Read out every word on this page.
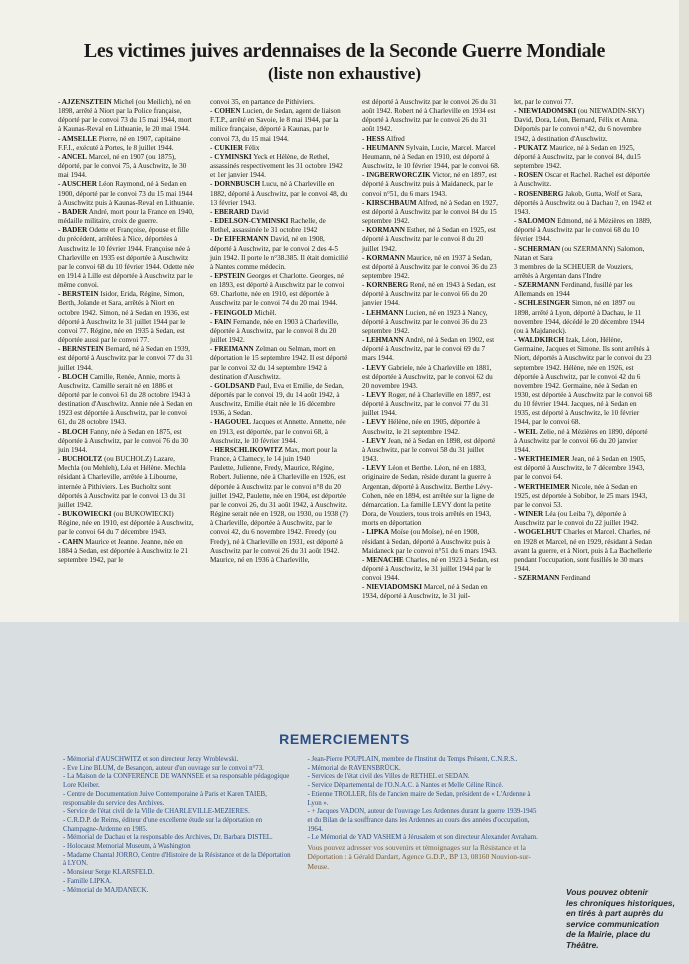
Les victimes juives ardennaises de la Seconde Guerre Mondiale
(liste non exhaustive)

- AJZENSZTEIN Michel (ou Meilich), né en 1898, arrêté à Niort par la Police française, déporté par le convoi 73 du 15 mai 1944, mort à Kaunas-Reval en Lithuanie, le 20 mai 1944.

- AMSELLE Pierre, né en 1907, capitaine F.F.I., exécuté à Portes, le 8 juillet 1944.

- ANCEL Marcel, né en 1907 (ou 1875), déporté, par le convoi 75, à Auschwitz, le 30 mai 1944.

- AUSCHER Léon Raymond, né à Sedan en 1900, déporté par le convoi 73 du 15 mai 1944 à Auschwitz puis à Kaunas-Reval en Lithuanie.

- BADER André, mort pour la France en 1940, médaille militaire, croix de guerre.

- BADER Odette et Françoise, épouse et fille du précédent, arrêtées à Nice, déportées à Auschwitz le 10 février 1944. Françoise née à Charleville en 1935 est déportée à Auschwitz par le convoi 68 du 10 février 1944. Odette née en 1914 à Lille est déportée à Auschwitz par le même convoi.

- BERSTEIN Isidor, Erida, Régine, Simon, Berth, Jolande et Sara, arrêtés à Niort en octobre 1942. Simon, né à Sedan en 1936, est déporté à Auschwitz le 31 juillet 1944 par le convoi 77. Régine, née en 1935 à Sedan, est déportée aussi par le convoi 77.

- BERNSTEIN Bernard, né à Sedan en 1939, est déporté à Auschwitz par le convoi 77 du 31 juillet 1944.

- BLOCH Camille, Renée, Annie, morts à Auschwitz. Camille serait né en 1886 et déporté par le convoi 61 du 28 octobre 1943 à destination d'Auschwitz. Annie née à Sedan en 1923 est déportée à Auschwitz, par le convoi 61, du 28 octobre 1943.

- BLOCH Fanny, née à Sedan en 1875, est déportée à Auschwitz, par le convoi 76 du 30 juin 1944.

- BUCHOLTZ (ou BUCHOLZ) Lazare, Mechla (ou Mehleh), Léa et Hélène. Mechla résidant à Charleville, arrêtée à Libourne, internée à Pithiviers. Les Bucholtz sont déportés à Auschwitz par le convoi 13 du 31 juillet 1942.

- BUKOWIECKI (ou BUKOWIECKI) Régine, née en 1910, est déportée à Auschwitz, par le convoi 64 du 7 décembre 1943.

- CAHN Maurice et Jeanne. Jeanne, née en 1884 à Sedan, est déportée à Auschwitz le 21 septembre 1942, par le

convoi 35, en partance de Pithiviers.

- COHEN Lucien, de Sedan, agent de liaison F.T.P., arrêté en Savoie, le 8 mai 1944, par la milice française, déporté à Kaunas, par le convoi 73, du 15 mai 1944.

- CUKIER Félix

- CYMINSKI Yeck et Hélène, de Rethel, assassinés respectivement les 31 octobre 1942 et 1er janvier 1944.

- DORNBUSCH Lucu, né à Charleville en 1882, déporté à Auschwitz, par le convoi 48, du 13 février 1943.

- EBERARD David

- EDELSON-CYMINSKI Rachelle, de Rethel, assassinée le 31 octobre 1942

- Dr EIFERMANN David, né en 1908, déporté à Auschwitz, par le convoi 2 des 4-5 juin 1942. Il porte le n°38.385. Il était domicilié à Nantes comme médecin.

- EPSTEIN Georges et Charlotte. Georges, né en 1893, est déporté à Auschwitz par le convoi 69. Charlotte, née en 1910, est déportée à Auschwitz par le convoi 74 du 20 mai 1944.

- FEINGOLD Michël.

- FAIN Fernande, née en 1903 à Charleville, déportée à Auschwitz, par le convoi 8 du 20 juillet 1942.

- FREIMANN Zelman ou Selman, mort en déportation le 15 septembre 1942. Il est déporté par le convoi 32 du 14 septembre 1942 à destination d'Auschwitz.

- GOLDSAND Paul, Eva et Emilie, de Sedan, déportés par le convoi 19, du 14 août 1942, à Auschwitz, Emilie était née le 16 décembre 1936, à Sedan.

- HAGOUEL Jacques et Annette. Annette, née en 1913, est déportée, par le convoi 68, à Auschwitz, le 10 février 1944.

- HERSCHLIKOWITZ Max, mort pour la France, à Clamecy, le 14 juin 1940

Paulette, Julienne, Fredy, Maurice, Régine, Robert. Julienne, née à Charleville en 1926, est déportée à Auschwitz par le convoi n°8 du 20 juillet 1942, Paulette, née en 1904, est déportée par le convoi 26, du 31 août 1942, à Auschwitz. Régine serait née en 1928, ou 1930, ou 1938 (?) à Charleville, déportée à Auschwitz, par le convoi 42, du 6 novembre 1942. Freedy (ou Fredy), né à Charleville en 1931, est déporté à Auschwitz par le convoi 26 du 31 août 1942. Maurice, né en 1936 à Charleville,

est déporté à Auschwitz par le convoi 26 du 31 août 1942. Robert né à Charleville en 1934 est déporté à Auschwitz par le convoi 26 du 31 août 1942.

- HESS Alfred

- HEUMANN Sylvain, Lucie, Marcel. Marcel Heumann, né à Sedan en 1910, est déporté à Auschwitz, le 10 février 1944, par le convoi 68.

- INGBERWORCZIK Victor, né en 1897, est déporté à Auschwitz puis à Maidaneck, par le convoi n°51, du 6 mars 1943.

- KIRSCHBAUM Alfred, né à Sedan en 1927, est déporté à Auschwitz par le convoi 84 du 15 septembre 1942.

- KORMANN Esther, né à Sedan en 1925, est déporté à Auschwitz par le convoi 8 du 20 juillet 1942.

- KORMANN Maurice, né en 1937 à Sedan, est déporté à Auschwitz par le convoi 36 du 23 septembre 1942.

- KORNBERG René, né en 1943 à Sedan, est déporté à Auschwitz par le convoi 66 du 20 janvier 1944.

- LEHMANN Lucien, né en 1923 à Nancy, déporté à Auschwitz par le convoi 36 du 23 septembre 1942.

- LEHMANN André, né à Sedan en 1902, est déporté à Auschwitz, par le convoi 69 du 7 mars 1944.

- LEVY Gabriele, née à Charleville en 1881, est déportée à Auschwitz, par le convoi 62 du 20 novembre 1943.

- LEVY Roger, né à Charleville en 1897, est déporté à Auschwitz, par le convoi 77 du 31 juillet 1944.

- LEVY Hélène, née en 1905, déportée à Auschwitz, le 21 septembre 1942.

- LEVY Jean, né à Sedan en 1898, est déporté à Auschwitz, par le convoi 58 du 31 juillet 1943.

- LEVY Léon et Berthe. Léon, né en 1883, originaire de Sedan, réside durant la guerre à Argentan, déporté à Auschwitz. Berthe Lévy-Cohen, née en 1894, est arrêtée sur la ligne de démarcation. La famille LEVY dont la petite Dora, de Vouziers, tous trois arrêtés en 1943, morts en déportation

- LIPKA Moïse (ou Moïse), né en 1908, résidant à Sedan, déporté à Auschwitz puis à Maidaneck par le convoi n°51 du 6 mars 1943.

- MENACHE Charles, né en 1923 à Sedan, est déporté à Auschwitz, le 31 juillet 1944 par le convoi 1944.

- NIEVIADOMSKI Marcel, né à Sedan en 1934, déporté à Auschwitz, le 31 juil-

let, par le convoi 77.

- NIEWIADOMSKI (ou NIEWADIN-SKY) David, Dora, Léon, Bernard, Félix et Anna. Déportés par le convoi n°42, du 6 novembre 1942, à destination d'Auschwitz.

- PUKATZ Maurice, né à Sedan en 1925, déporté à Auschwitz, par le convoi 84, du15 septembre 1942.

- ROSEN Oscar et Rachel. Rachel est déportée à Auschwitz.

- ROSENBERG Jakob, Gutta, Wolf et Sara, déportés à Auschwitz ou à Dachau ?, en 1942 et 1943.

- SALOMON Edmond, né à Mézières en 1889, déporté à Auschwitz par le convoi 68 du 10 février 1944.

- SCHERMAN (ou SZERMANN) Salomon, Natan et Sara

3 membres de la SCHEUER de Vouziers, arrêtés à Argentan dans l'Indre

- SZERMANN Ferdinand, fusillé par les Allemands en 1944

- SCHLESINGER Simon, né en 1897 ou 1898, arrêté à Lyon, déporté à Dachau, le 11 novembre 1944, décédé le 20 décembre 1944 (ou à Majdaneck).

- WALDKIRCH Izak, Léon, Hélène, Germaine, Jacques et Simone. Ils sont arrêtés à Niort, déportés à Auschwitz par le convoi du 23 septembre 1942. Hélène, née en 1926, est déportée à Auschwitz, par le convoi 42 du 6 novembre 1942. Germaine, née à Sedan en 1930, est déportée à Auschwitz par le convoi 68 du 10 février 1944. Jacques, né à Sedan en 1935, est déporté à Auschwitz, le 10 février 1944, par le convoi 68.

- WEIL Zelie, né à Mézières en 1890, déporté à Auschwitz par le convoi 66 du 20 janvier 1944.

- WERTHEIMER Jean, né à Sedan en 1905, est déporté à Auschwitz, le 7 décembre 1943, par le convoi 64.

- WERTHEIMER Nicole, née à Sedan en 1925, est déportée à Sobibor, le 25 mars 1943, par le convoi 53.

- WINER Léa (ou Leiba ?), déportée à Auschwitz par le convoi du 22 juillet 1942.

- WOGELHUT Charles et Marcel. Charles, né en 1928 et Marcel, né en 1929, résidant à Sedan avant la guerre, et à Niort, puis à La Bachellerie pendant l'occupation, sont fusillés le 30 mars 1944.

- SZERMANN Ferdinand

REMERCIEMENTS

- Mémorial d'AUSCHWITZ et son directeur Jerzy Wroblewski.

- Eve Line BLUM, de Besançon, auteur d'un ouvrage sur le convoi n°73.

- La Maison de la CONFERENCE DE WANNSEE et sa responsable pédagogique Lore Kleiber.

- Centre de Documentation Juive Contemporaine à Paris et Karen TAIEB, responsable du service des Archives.

- Service de l'état civil de la Ville de CHARLEVILLE-MEZIERES.

- C.R.D.P. de Reims, éditeur d'une excellente étude sur la déportation en Champagne-Ardenne en 1985.

- Mémorial de Dachau et la responsable des Archives, Dr. Barbara DISTEL.

- Holocaust Memorial Museum, à Washington

- Madame Chantal JORRO, Centre d'Histoire de la Résistance et de la Déportation à LYON.

- Monsieur Serge KLARSFELD.

- Famille LIPKA.

- Mémorial de MAJDANECK.

- Jean-Pierre POUPLAIN, membre de l'Institut du Temps Présent, C.N.R.S..

- Mémorial de RAVENSBRÜCK.

- Services de l'état civil des Villes de RETHEL et SEDAN.

- Service Départemental de l'O.N.A.C. à Nantes et Melle Céline Rincé.

- Etienne TROLLER, fils de l'ancien maire de Sedan, président de « L'Ardenne à Lyon ».

- + Jacques VADON, auteur de l'ouvrage Les Ardennes durant la guerre 1939-1945 et du Bilan de la souffrance dans les Ardennes au cours des années d'occupation, 1964.

- Le Mémorial de YAD VASHEM à Jérusalem et son directeur Alexander Avraham.

Vous pouvez adresser vos souvenirs et témoignages sur la Résistance et la Déportation : à Gérald Dardart, Agence G.D.P., BP 13, 08160 Nouvion-sur-Meuse.

Vous pouvez obtenir
les chroniques historiques,
en tirés à part auprès du service communication
de la Mairie, place du Théâtre.
